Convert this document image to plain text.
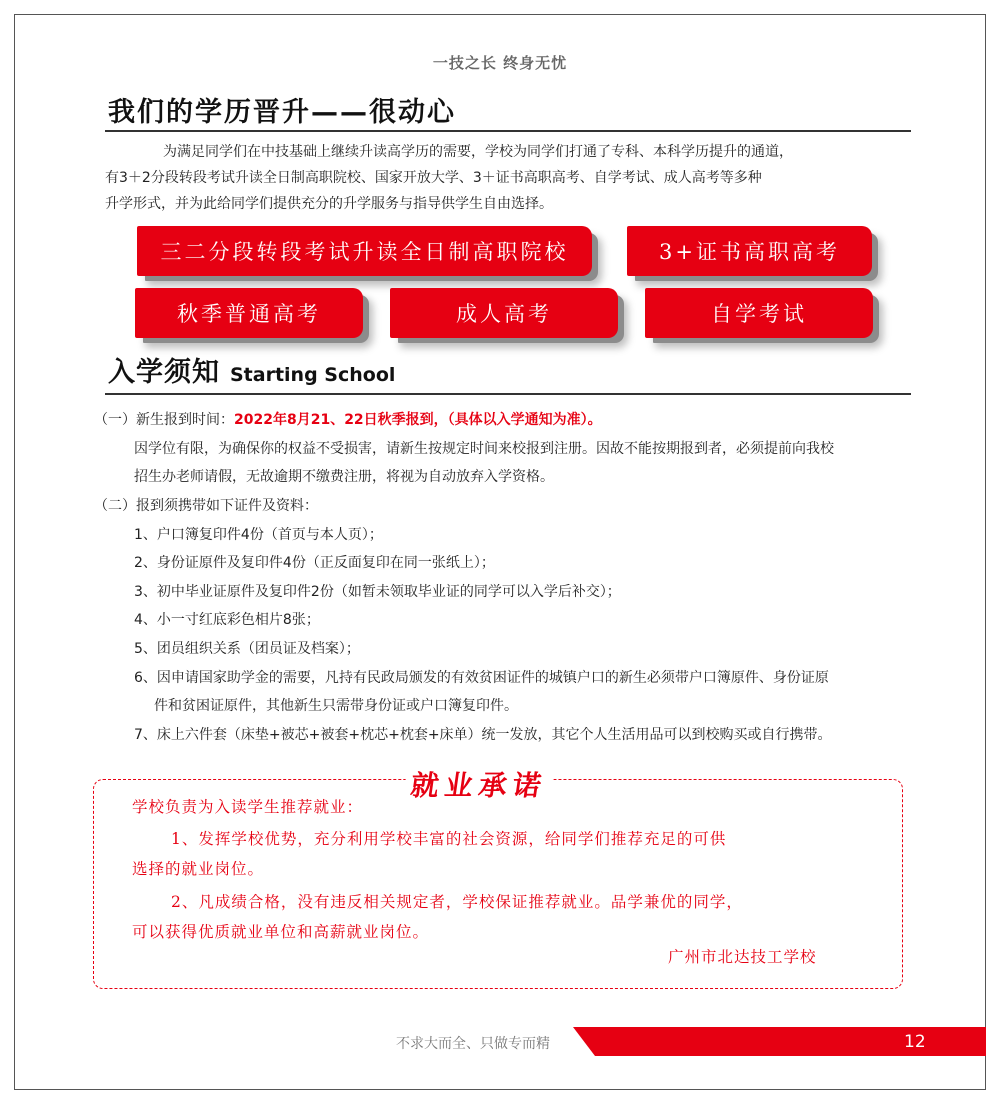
一技之长 终身无忧
我们的学历晋升——很动心
为满足同学们在中技基础上继续升读高学历的需要，学校为同学们打通了专科、本科学历提升的通道，
有3＋2分段转段考试升读全日制高职院校、国家开放大学、3＋证书高职高考、自学考试、成人高考等多种
升学形式，并为此给同学们提供充分的升学服务与指导供学生自由选择。
三二分段转段考试升读全日制高职院校	3+证书高职高考
秋季普通高考	成人高考	自学考试
入学须知 Starting School
（一）新生报到时间：2022年8月21、22日秋季报到，（具体以入学通知为准）。
因学位有限，为确保你的权益不受损害，请新生按规定时间来校报到注册。因故不能按期报到者，必须提前向我校
招生办老师请假，无故逾期不缴费注册，将视为自动放弃入学资格。
（二）报到须携带如下证件及资料：
1、户口簿复印件4份（首页与本人页）；
2、身份证原件及复印件4份（正反面复印在同一张纸上）；
3、初中毕业证原件及复印件2份（如暂未领取毕业证的同学可以入学后补交）；
4、小一寸红底彩色相片8张；
5、团员组织关系（团员证及档案）；
6、因申请国家助学金的需要，凡持有民政局颁发的有效贫困证件的城镇户口的新生必须带户口簿原件、身份证原
件和贫困证原件，其他新生只需带身份证或户口簿复印件。
7、床上六件套（床垫+被芯+被套+枕芯+枕套+床单）统一发放，其它个人生活用品可以到校购买或自行携带。
就业承诺
学校负责为入读学生推荐就业：
1、发挥学校优势，充分利用学校丰富的社会资源，给同学们推荐充足的可供
选择的就业岗位。
2、凡成绩合格，没有违反相关规定者，学校保证推荐就业。品学兼优的同学，
可以获得优质就业单位和高薪就业岗位。
广州市北达技工学校
不求大而全、只做专而精	12
